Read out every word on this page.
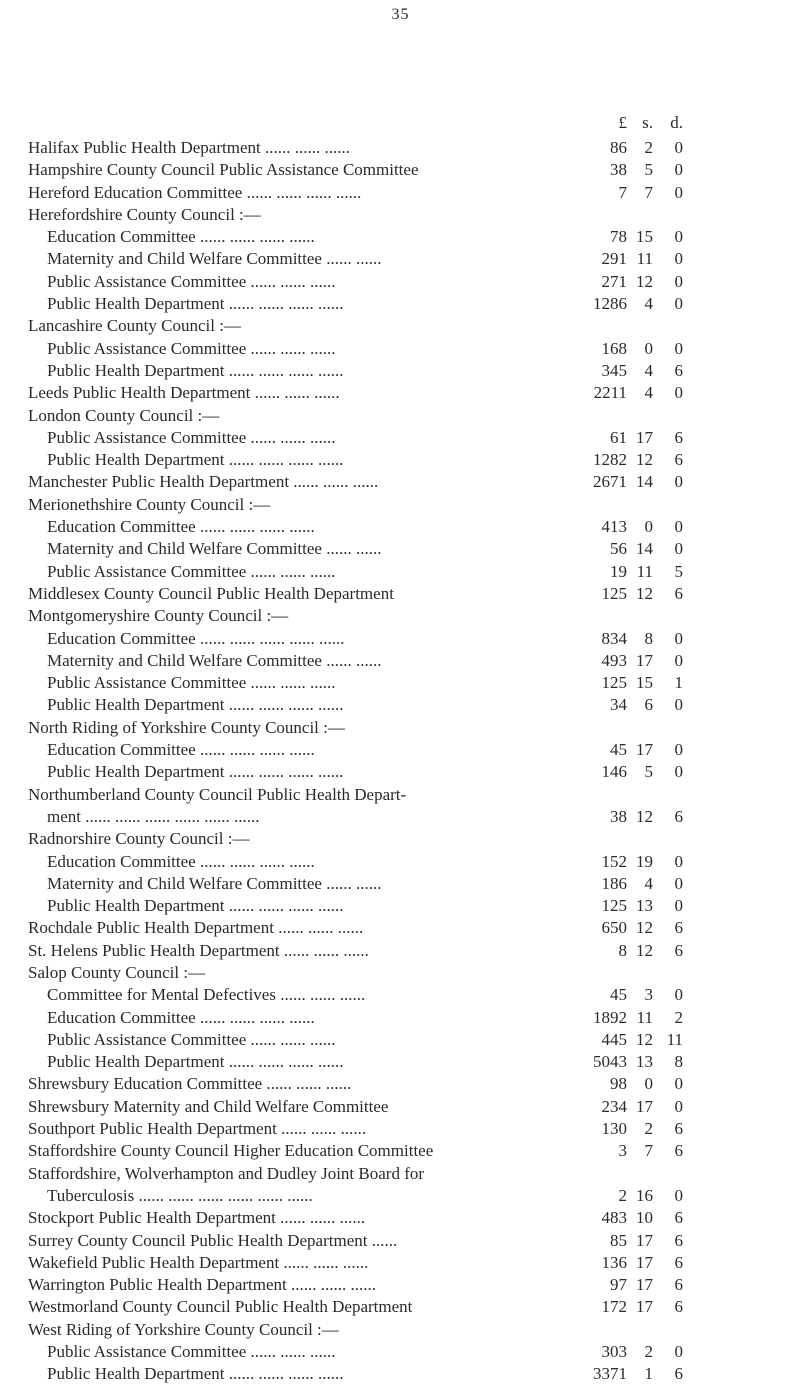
35
£ s. d.
Halifax Public Health Department ...... ...... ......	86 2 0
Hampshire County Council Public Assistance Committee	38 5 0
Hereford Education Committee ...... ...... ...... ......	7 7 0
Herefordshire County Council :—
Education Committee ...... ...... ...... ......	78 15 0
Maternity and Child Welfare Committee ...... ......	291 11 0
Public Assistance Committee ...... ...... ......	271 12 0
Public Health Department ...... ...... ...... ......	1286 4 0
Lancashire County Council :—
Public Assistance Committee ...... ...... ......	168 0 0
Public Health Department ...... ...... ...... ......	345 4 6
Leeds Public Health Department ...... ...... ......	2211 4 0
London County Council :—
Public Assistance Committee ...... ...... ......	61 17 6
Public Health Department ...... ...... ...... ......	1282 12 6
Manchester Public Health Department ...... ...... ......	2671 14 0
Merionethshire County Council :—
Education Committee ...... ...... ...... ......	413 0 0
Maternity and Child Welfare Committee ...... ......	56 14 0
Public Assistance Committee ...... ...... ......	19 11 5
Middlesex County Council Public Health Department	125 12 6
Montgomeryshire County Council :—
Education Committee ...... ...... ...... ...... ......	834 8 0
Maternity and Child Welfare Committee ...... ......	493 17 0
Public Assistance Committee ...... ...... ......	125 15 1
Public Health Department ...... ...... ...... ......	34 6 0
North Riding of Yorkshire County Council :—
Education Committee ...... ...... ...... ......	45 17 0
Public Health Department ...... ...... ...... ......	146 5 0
Northumberland County Council Public Health Depart-
ment ...... ...... ...... ...... ...... ......	38 12 6
Radnorshire County Council :—
Education Committee ...... ...... ...... ......	152 19 0
Maternity and Child Welfare Committee ...... ......	186 4 0
Public Health Department ...... ...... ...... ......	125 13 0
Rochdale Public Health Department ...... ...... ......	650 12 6
St. Helens Public Health Department ...... ...... ......	8 12 6
Salop County Council :—
Committee for Mental Defectives ...... ...... ......	45 3 0
Education Committee ...... ...... ...... ......	1892 11 2
Public Assistance Committee ...... ...... ......	445 12 11
Public Health Department ...... ...... ...... ......	5043 13 8
Shrewsbury Education Committee ...... ...... ......	98 0 0
Shrewsbury Maternity and Child Welfare Committee	234 17 0
Southport Public Health Department ...... ...... ......	130 2 6
Staffordshire County Council Higher Education Committee	3 7 6
Staffordshire, Wolverhampton and Dudley Joint Board for
Tuberculosis ...... ...... ...... ...... ...... ......	2 16 0
Stockport Public Health Department ...... ...... ......	483 10 6
Surrey County Council Public Health Department ......	85 17 6
Wakefield Public Health Department ...... ...... ......	136 17 6
Warrington Public Health Department ...... ...... ......	97 17 6
Westmorland County Council Public Health Department	172 17 6
West Riding of Yorkshire County Council :—
Public Assistance Committee ...... ...... ......	303 2 0
Public Health Department ...... ...... ...... ......	3371 1 6
